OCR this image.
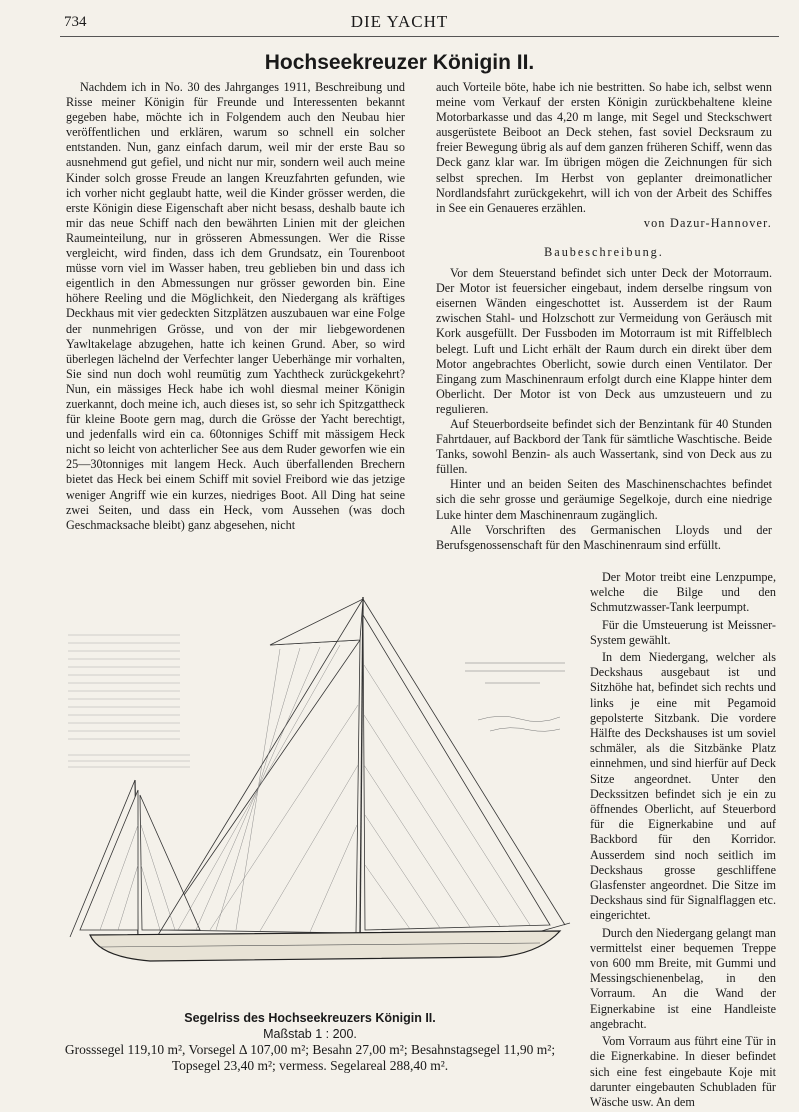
734	DIE YACHT
Hochseekreuzer Königin II.

Nachdem ich in No. 30 des Jahrganges 1911, Beschreibung und Risse meiner Königin für Freunde und Interessenten bekannt gegeben habe, möchte ich in Folgendem auch den Neubau hier veröffentlichen und erklären, warum so schnell ein solcher entstanden. Nun, ganz einfach darum, weil mir der erste Bau so ausnehmend gut gefiel, und nicht nur mir, sondern weil auch meine Kinder solch grosse Freude an langen Kreuzfahrten gefunden, wie ich vorher nicht geglaubt hatte, weil die Kinder grösser werden, die erste Königin diese Eigenschaft aber nicht besass, deshalb baute ich mir das neue Schiff nach den bewährten Linien mit der gleichen Raumeinteilung, nur in grösseren Abmessungen. Wer die Risse vergleicht, wird finden, dass ich dem Grundsatz, ein Tourenboot müsse vorn viel im Wasser haben, treu geblieben bin und dass ich eigentlich in den Abmessungen nur grösser geworden bin. Eine höhere Reeling und die Möglichkeit, den Niedergang als kräftiges Deckhaus mit vier gedeckten Sitzplätzen auszubauen war eine Folge der nunmehrigen Grösse, und von der mir liebgewordenen Yawltakelage abzugehen, hatte ich keinen Grund. Aber, so wird überlegen lächelnd der Verfechter langer Ueberhänge mir vorhalten, Sie sind nun doch wohl reumütig zum Yachtheck zurückgekehrt? Nun, ein mässiges Heck habe ich wohl diesmal meiner Königin zuerkannt, doch meine ich, auch dieses ist, so sehr ich Spitzgattheck für kleine Boote gern mag, durch die Grösse der Yacht berechtigt, und jedenfalls wird ein ca. 60tonniges Schiff mit mässigem Heck nicht so leicht von achterlicher See aus dem Ruder geworfen wie ein 25—30tonniges mit langem Heck. Auch überfallenden Brechern bietet das Heck bei einem Schiff mit soviel Freibord wie das jetzige weniger Angriff wie ein kurzes, niedriges Boot. All Ding hat seine zwei Seiten, und dass ein Heck, vom Aussehen (was doch Geschmacksache bleibt) ganz abgesehen, nicht

auch Vorteile böte, habe ich nie bestritten. So habe ich, selbst wenn meine vom Verkauf der ersten Königin zurückbehaltene kleine Motorbarkasse und das 4,20 m lange, mit Segel und Steckschwert ausgerüstete Beiboot an Deck stehen, fast soviel Decksraum zu freier Bewegung übrig als auf dem ganzen früheren Schiff, wenn das Deck ganz klar war. Im übrigen mögen die Zeichnungen für sich selbst sprechen. Im Herbst von geplanter dreimonatlicher Nordlandsfahrt zurückgekehrt, will ich von der Arbeit des Schiffes in See ein Genaueres erzählen.

von Dazur-Hannover.
Baubeschreibung.

Vor dem Steuerstand befindet sich unter Deck der Motorraum. Der Motor ist feuersicher eingebaut, indem derselbe ringsum von eisernen Wänden eingeschottet ist. Ausserdem ist der Raum zwischen Stahl- und Holzschott zur Vermeidung von Geräusch mit Kork ausgefüllt. Der Fussboden im Motorraum ist mit Riffelblech belegt. Luft und Licht erhält der Raum durch ein direkt über dem Motor angebrachtes Oberlicht, sowie durch einen Ventilator. Der Eingang zum Maschinenraum erfolgt durch eine Klappe hinter dem Oberlicht. Der Motor ist von Deck aus umzusteuern und zu regulieren.

Auf Steuerbordseite befindet sich der Benzintank für 40 Stunden Fahrtdauer, auf Backbord der Tank für sämtliche Waschtische. Beide Tanks, sowohl Benzin- als auch Wassertank, sind von Deck aus zu füllen.

Hinter und an beiden Seiten des Maschinenschachtes befindet sich die sehr grosse und geräumige Segelkoje, durch eine niedrige Luke hinter dem Maschinenraum zugänglich.

Alle Vorschriften des Germanischen Lloyds und der Berufsgenossenschaft für den Maschinenraum sind erfüllt.

Der Motor treibt eine Lenzpumpe, welche die Bilge und den Schmutzwasser-Tank leerpumpt.

Für die Umsteuerung ist Meissner-System gewählt.

In dem Niedergang, welcher als Deckshaus ausgebaut ist und Sitzhöhe hat, befindet sich rechts und links je eine mit Pegamoid gepolsterte Sitzbank. Die vordere Hälfte des Deckshauses ist um soviel schmäler, als die Sitzbänke Platz einnehmen, und sind hierfür auf Deck Sitze angeordnet. Unter den Deckssitzen befindet sich je ein zu öffnendes Oberlicht, auf Steuerbord für die Eignerkabine und auf Backbord für den Korridor. Ausserdem sind noch seitlich im Deckshaus grosse geschliffene Glasfenster angeordnet. Die Sitze im Deckshaus sind für Signalflaggen etc. eingerichtet.

Durch den Niedergang gelangt man vermittelst einer bequemen Treppe von 600 mm Breite, mit Gummi und Messingschienenbelag, in den Vorraum. An die Wand der Eignerkabine ist eine Handleiste angebracht.

Vom Vorraum aus führt eine Tür in die Eignerkabine. In dieser befindet sich eine fest eingebaute Koje mit darunter eingebauten Schubladen für Wäsche usw. An dem

Segelriss des Hochseekreuzers Königin II.
Maßstab 1 : 200.
Grosssegel 119,10 m², Vorsegel Δ 107,00 m²; Besahn 27,00 m²; Besahnstagsegel 11,90 m²;
Topsegel 23,40 m²; vermess. Segelareal 288,40 m².
